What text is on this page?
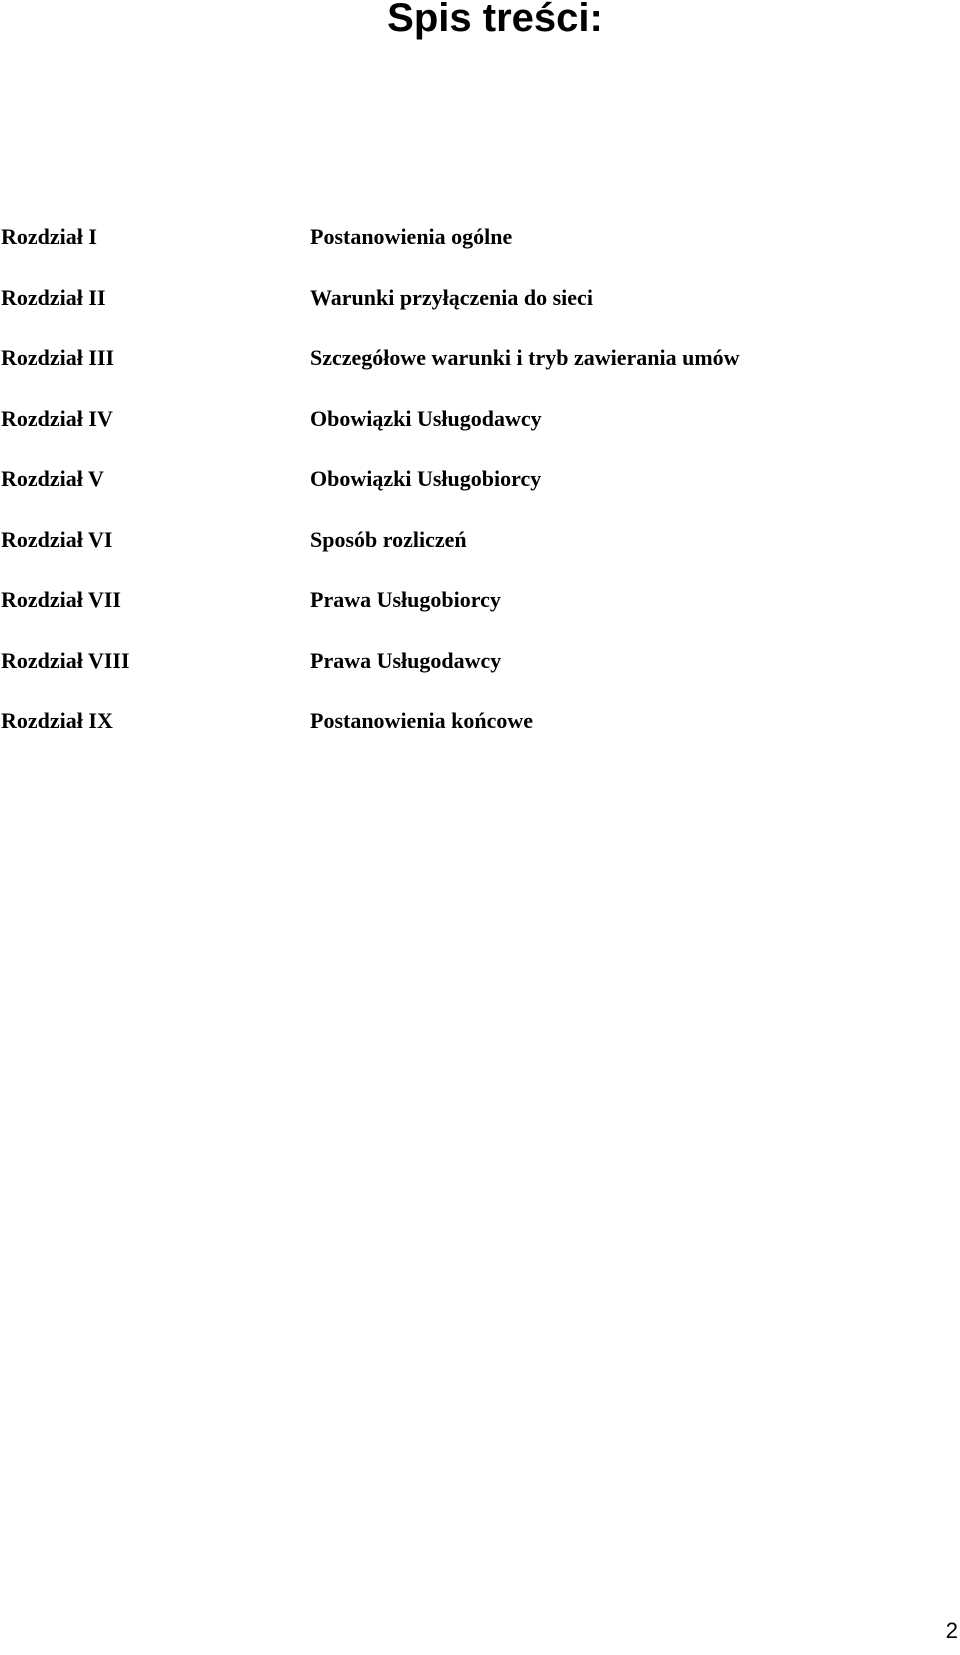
Spis treści:
Rozdział I	Postanowienia ogólne
Rozdział II	Warunki przyłączenia do sieci
Rozdział III	Szczegółowe warunki i tryb zawierania umów
Rozdział IV	Obowiązki Usługodawcy
Rozdział V	Obowiązki Usługobiorcy
Rozdział VI	Sposób rozliczeń
Rozdział VII	Prawa Usługobiorcy
Rozdział VIII	Prawa Usługodawcy
Rozdział IX	Postanowienia końcowe
2
